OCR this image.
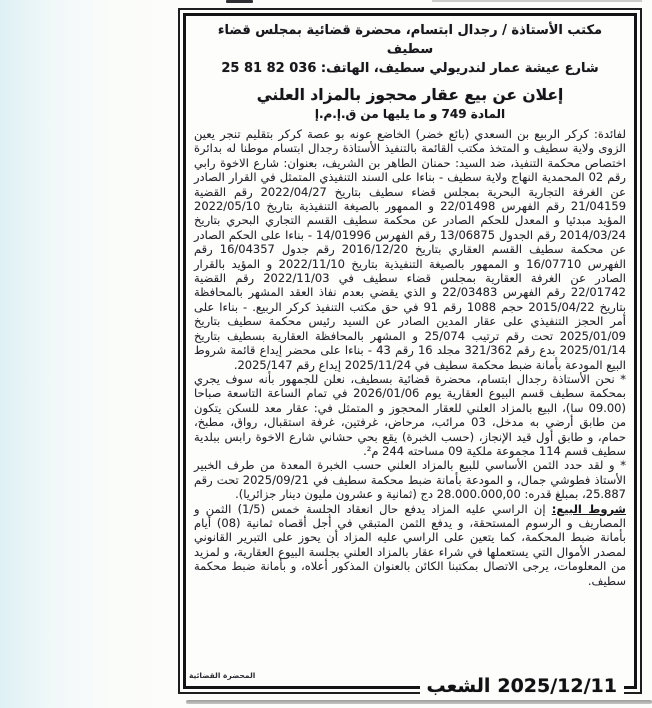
مكتب الأستاذة / رجدال ابتسام، محضرة قضائية بمجلس قضاء سطيف
شارع عيشة عمار لندريولي سطيف، الهاتف: 036 82 81 25
إعلان عن بيع عقار محجوز بالمزاد العلني
المادة 749 و ما يليها من ق.إ.م.إ

لفائدة: كركر الربيع بن السعدي (بائع خضر) الخاضع عونه بو عصة كركر بتقليم تنجر يعين الزوى ولاية سطيف و المتخذ مكتب القائمة بالتنفيذ الأستاذة رجدال ابتسام موطنا له بدائرة اختصاص محكمة التنفيذ، ضد السيد: حمنان الطاهر بن الشريف، بعنوان: شارع الاخوة رابي رقم 02 المحمدية النهاج ولاية سطيف - بناءا على السند التنفيذي المتمثل في القرار الصادر عن الغرفة التجارية البحرية بمجلس قضاء سطيف بتاريخ 2022/04/27 رقم القضية 21/04159 رقم الفهرس 22/01498 و الممهور بالصيغة التنفيذية بتاريخ 2022/05/10 المؤيد مبدئيا و المعدل للحكم الصادر عن محكمة سطيف القسم التجاري البحري بتاريخ 2014/03/24 رقم الجدول 13/06875 رقم الفهرس 14/01996 - بناءا على الحكم الصادر عن محكمة سطيف القسم العقاري بتاريخ 2016/12/20 رقم جدول 16/04357 رقم الفهرس 16/07710 و الممهور بالصيغة التنفيذية بتاريخ 2022/11/10 و المؤيد بالقرار الصادر عن الغرفة العقارية بمجلس قضاء سطيف في 2022/11/03 رقم القضية 22/01742 رقم الفهرس 22/03483 و الذي يقضي بعدم نفاذ العقد المشهر بالمحافظة بتاريخ 2015/04/22 حجم 1088 رقم 91 في حق مكتب التنفيذ كركر الربيع. - بناءا على أمر الحجز التنفيذي على عقار المدين الصادر عن السيد رئيس محكمة سطيف بتاريخ 2025/01/09 تحت رقم ترتيب 25/074 و المشهر بالمحافظة العقارية بسطيف بتاريخ 2025/01/14 بدع رقم 321/362 مجلد 16 رقم 43 - بناءا على محضر إيداع قائمة شروط البيع المودعة بأمانة ضبط محكمة سطيف في 2025/11/24 إيداع رقم 2025/147.

* نحن الأستاذة رجدال ابتسام، محضرة قضائية بسطيف، نعلن للجمهور بأنه سوف يجري بمحكمة سطيف قسم البيوع العقارية يوم 2026/01/06 في تمام الساعة التاسعة صباحا (09.00 سا)، البيع بالمزاد العلني للعقار المحجوز و المتمثل في: عقار معد للسكن يتكون من طابق أرضي به مدخل، 03 مرائب، مرحاض، غرفتين، غرفة استقبال، رواق، مطبخ، حمام، و طابق أول قيد الإنجاز، (حسب الخبرة) يقع بحي حشاني شارع الاخوة رابس ببلدية سطيف قسم 114 مجموعة ملكية 09 مساحته 244 م².

* و لقد حدد الثمن الأساسي للبيع بالمزاد العلني حسب الخبرة المعدة من طرف الخبير الأستاذ فطوشي جمال، و المودعة بأمانة ضبط محكمة سطيف في 2025/09/21 تحت رقم 25.887، بمبلغ قدره: 28.000.000,00 دج (ثمانية و عشرون مليون دينار جزائريا).

شروط البيع: إن الراسي عليه المزاد يدفع حال انعقاد الجلسة خمس (1/5) الثمن و المصاريف و الرسوم المستحقة، و يدفع الثمن المتبقي في أجل أقصاه ثمانية (08) أيام بأمانة ضبط المحكمة، كما يتعين على الراسي عليه المزاد أن يحوز على التبرير القانوني لمصدر الأموال التي يستعملها في شراء عقار بالمزاد العلني بجلسة البيوع العقارية، و لمزيد من المعلومات، يرجى الاتصال بمكتبنا الكائن بالعنوان المذكور أعلاه، و بأمانة ضبط محكمة سطيف.

المحضرة القضائية	الشعب 2025/12/11
